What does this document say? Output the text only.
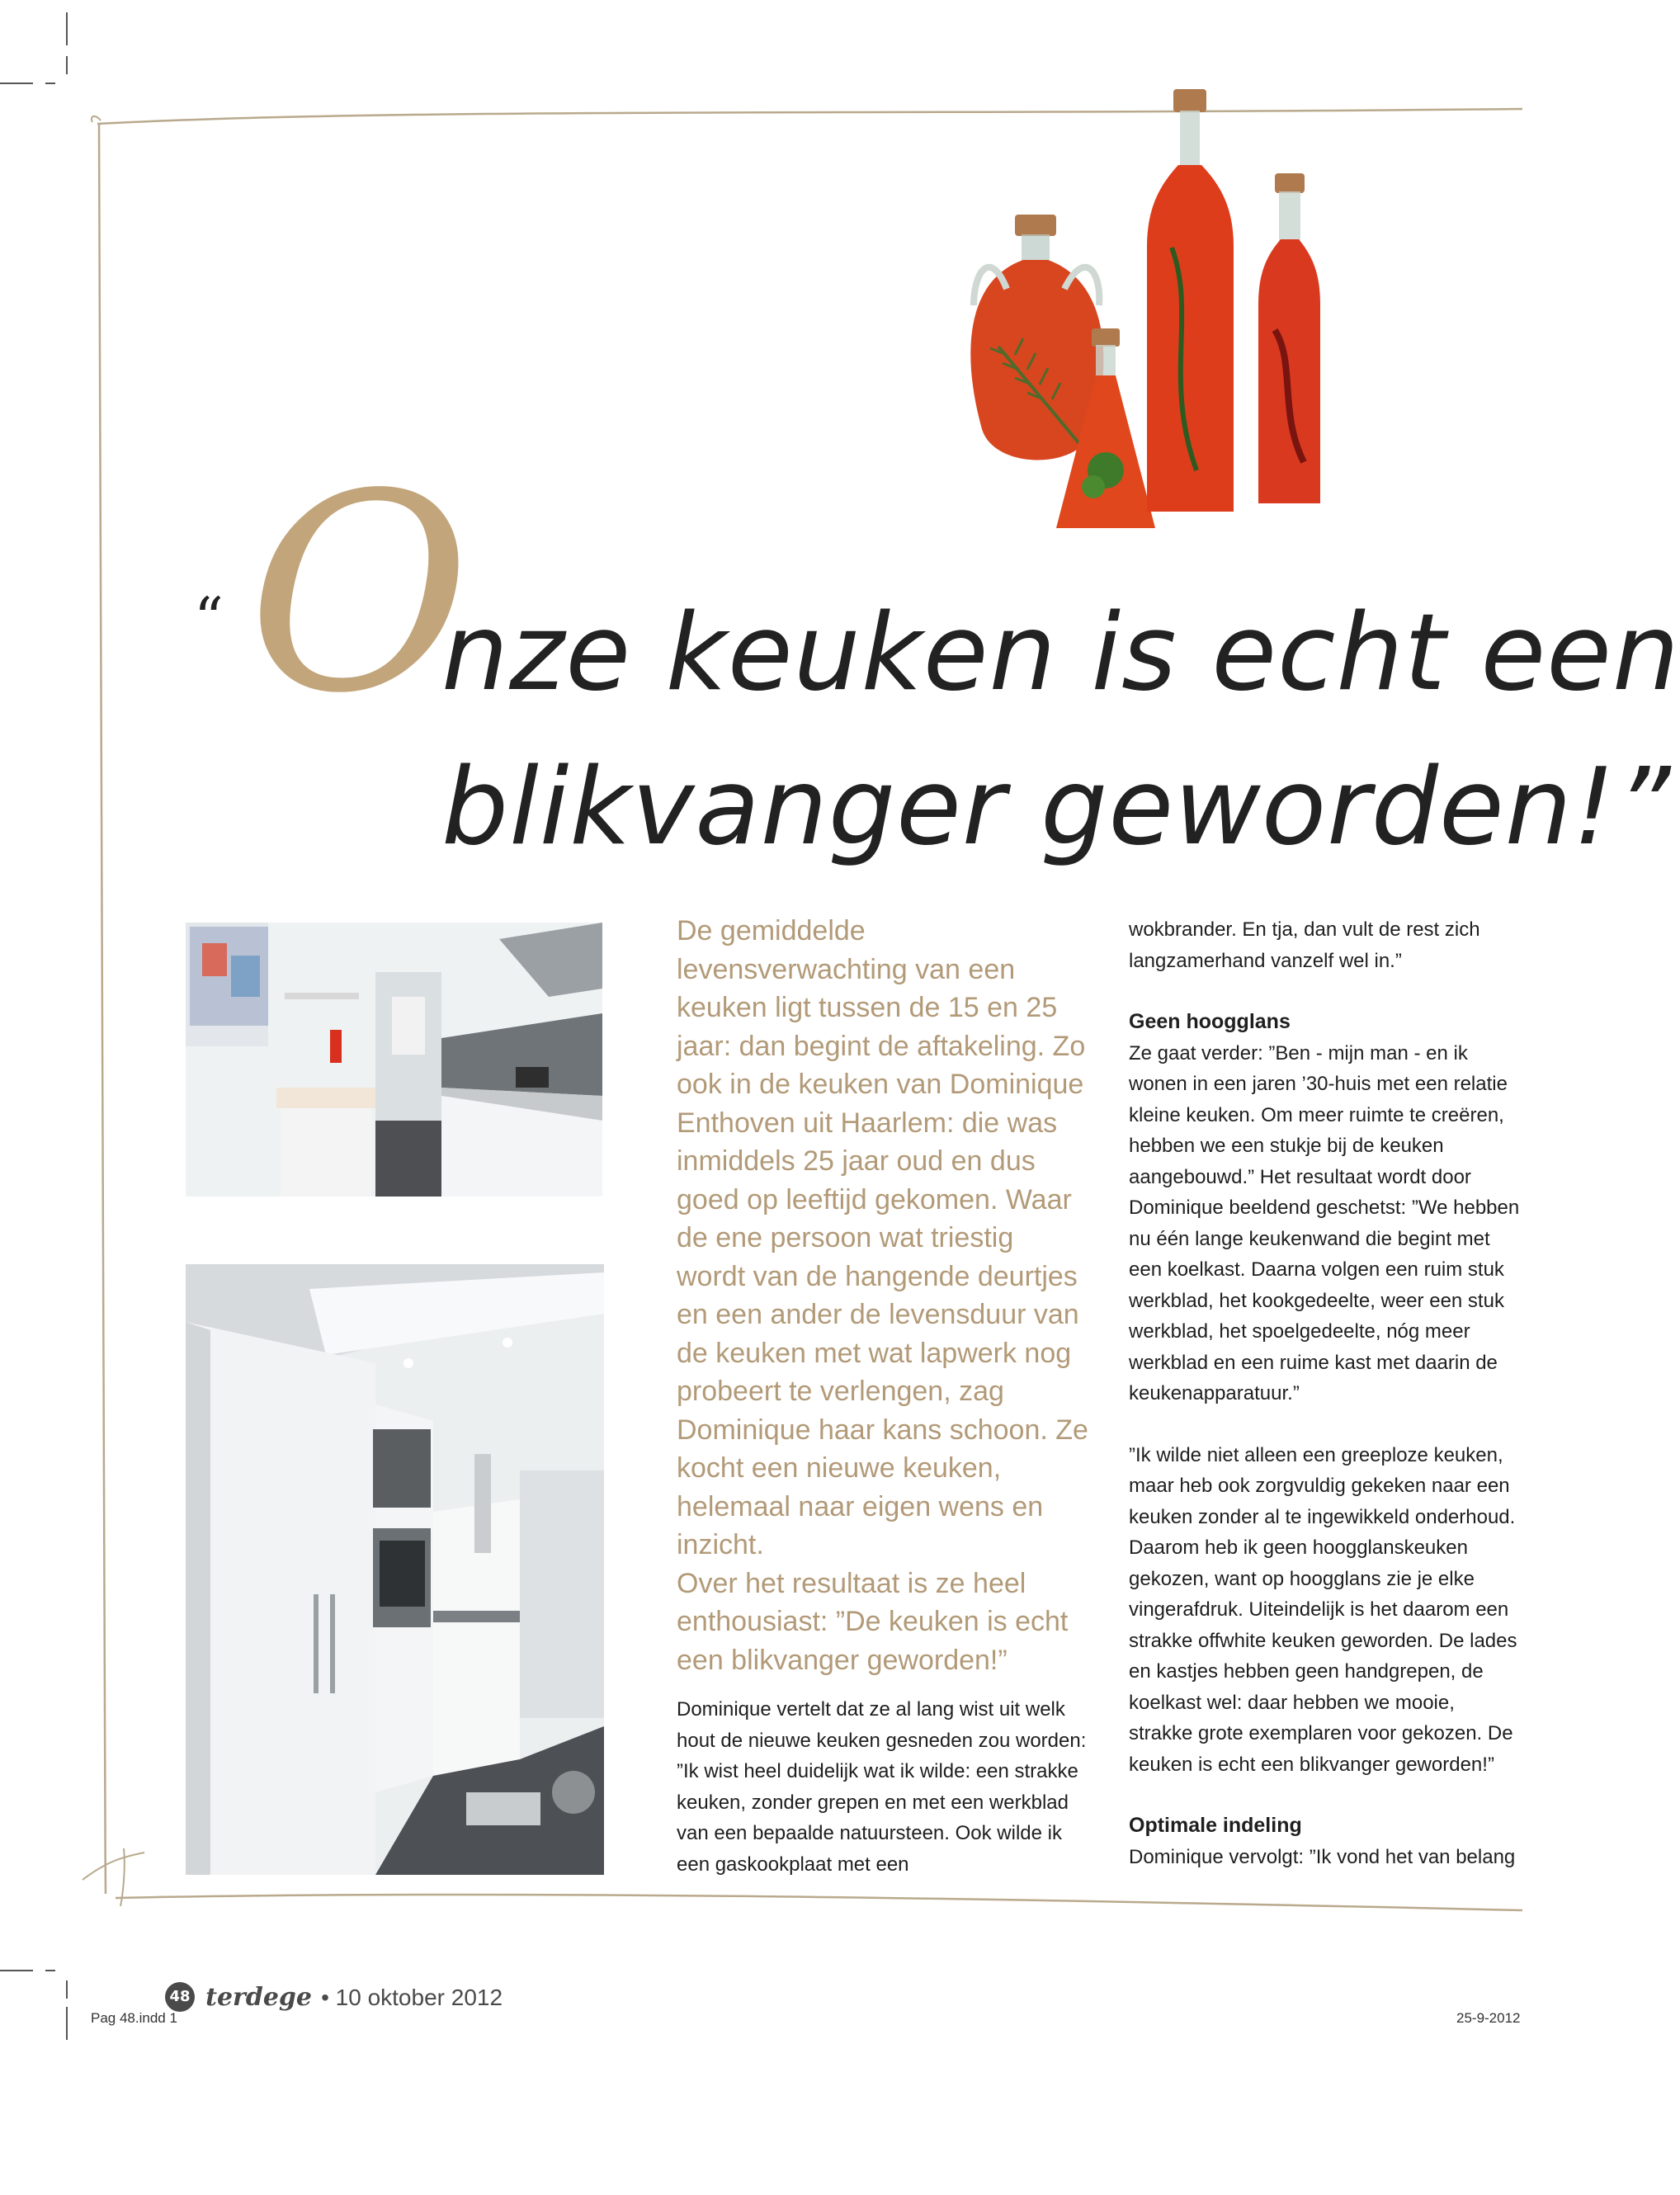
“ O
nze keuken is echt een
blikvanger geworden!”

De gemiddelde levensverwachting van een keuken ligt tussen de 15 en 25 jaar: dan begint de aftakeling. Zo ook in de keuken van Dominique Enthoven uit Haarlem: die was inmiddels 25 jaar oud en dus goed op leeftijd gekomen. Waar de ene persoon wat triestig wordt van de hangende deurtjes en een ander de levensduur van de keuken met wat lapwerk nog probeert te verlengen, zag Dominique haar kans schoon. Ze kocht een nieuwe keuken, helemaal naar eigen wens en inzicht.

Over het resultaat is ze heel enthousiast: ”De keuken is echt een blikvanger geworden!”

Dominique vertelt dat ze al lang wist uit welk hout de nieuwe keuken gesneden zou worden: ”Ik wist heel duidelijk wat ik wilde: een strakke keuken, zonder grepen en met een werkblad van een bepaalde natuursteen. Ook wilde ik een gaskookplaat met een

wokbrander. En tja, dan vult de rest zich langzamerhand vanzelf wel in.”

Geen hoogglans

Ze gaat verder: ”Ben - mijn man - en ik wonen in een jaren ’30-huis met een relatie kleine keuken. Om meer ruimte te creëren, hebben we een stukje bij de keuken aangebouwd.” Het resultaat wordt door Dominique beeldend geschetst: ”We hebben nu één lange keukenwand die begint met een koelkast. Daarna volgen een ruim stuk werkblad, het kookgedeelte, weer een stuk werkblad, het spoelgedeelte, nóg meer werkblad en een ruime kast met daarin de keukenapparatuur.”

”Ik wilde niet alleen een greeploze keuken, maar heb ook zorgvuldig gekeken naar een keuken zonder al te ingewikkeld onderhoud. Daarom heb ik geen hoogglanskeuken gekozen, want op hoogglans zie je elke vingerafdruk. Uiteindelijk is het daarom een strakke offwhite keuken geworden. De lades en kastjes hebben geen handgrepen, de koelkast wel: daar hebben we mooie, strakke grote exemplaren voor gekozen. De keuken is echt een blikvanger geworden!”

Optimale indeling

Dominique vervolgt: ”Ik vond het van belang

48 terdege • 10 oktober 2012
Pag 48.indd 1	25-9-2012
